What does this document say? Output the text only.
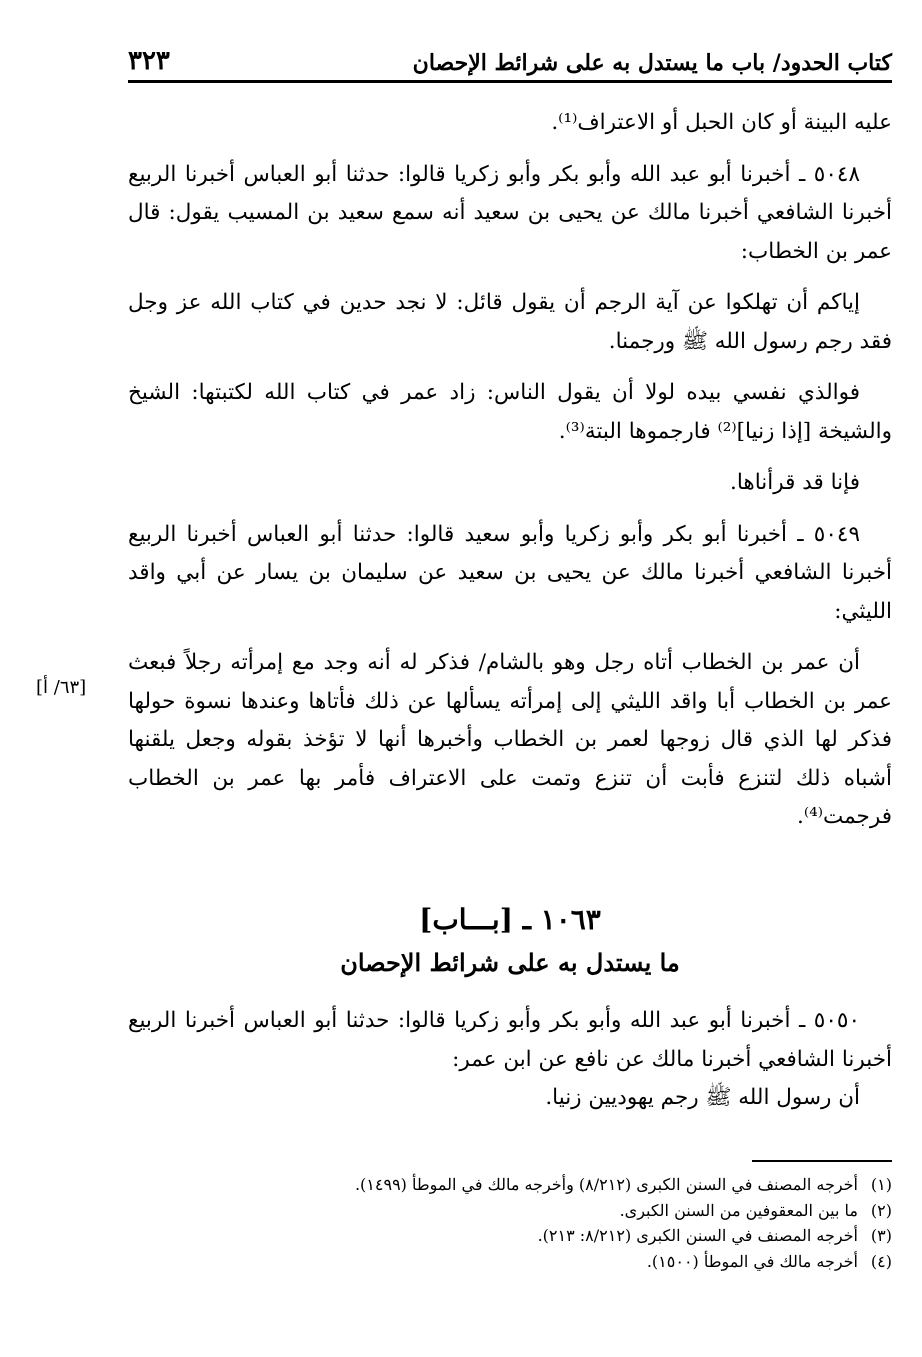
كتاب الحدود/ باب ما يستدل به على شرائط الإحصان
٣٢٣

عليه البينة أو كان الحبل أو الاعتراف⁽¹⁾.

٥٠٤٨ ـ أخبرنا أبو عبد الله وأبو بكر وأبو زكريا قالوا: حدثنا أبو العباس أخبرنا الربيع أخبرنا الشافعي أخبرنا مالك عن يحيى بن سعيد أنه سمع سعيد بن المسيب يقول: قال عمر بن الخطاب:

إياكم أن تهلكوا عن آية الرجم أن يقول قائل: لا نجد حدين في كتاب الله عز وجل فقد رجم رسول الله ﷺ ورجمنا.

فوالذي نفسي بيده لولا أن يقول الناس: زاد عمر في كتاب الله لكتبتها: الشيخ والشيخة [إذا زنيا]⁽²⁾ فارجموها البتة⁽³⁾.

فإنا قد قرأناها.

٥٠٤٩ ـ أخبرنا أبو بكر وأبو زكريا وأبو سعيد قالوا: حدثنا أبو العباس أخبرنا الربيع أخبرنا الشافعي أخبرنا مالك عن يحيى بن سعيد عن سليمان بن يسار عن أبي واقد الليثي:

أن عمر بن الخطاب أتاه رجل وهو بالشام/ فذكر له أنه وجد مع إمرأته رجلاً فبعث عمر بن الخطاب أبا واقد الليثي إلى إمرأته يسألها عن ذلك فأتاها وعندها نسوة حولها فذكر لها الذي قال زوجها لعمر بن الخطاب وأخبرها أنها لا تؤخذ بقوله وجعل يلقنها أشباه ذلك لتنزع فأبت أن تنزع وتمت على الاعتراف فأمر بها عمر بن الخطاب فرجمت⁽⁴⁾.

[٦٣/ أ]
١٠٦٣ ـ [بـــاب]
ما يستدل به على شرائط الإحصان

٥٠٥٠ ـ أخبرنا أبو عبد الله وأبو بكر وأبو زكريا قالوا: حدثنا أبو العباس أخبرنا الربيع أخبرنا الشافعي أخبرنا مالك عن نافع عن ابن عمر:

أن رسول الله ﷺ رجم يهوديين زنيا.

(١)
أخرجه المصنف في السنن الكبرى (٨/٢١٢) وأخرجه مالك في الموطأ (١٤٩٩).
(٢)
ما بين المعقوفين من السنن الكبرى.
(٣)
أخرجه المصنف في السنن الكبرى (٨/٢١٢: ٢١٣).
(٤)
أخرجه مالك في الموطأ (١٥٠٠).
